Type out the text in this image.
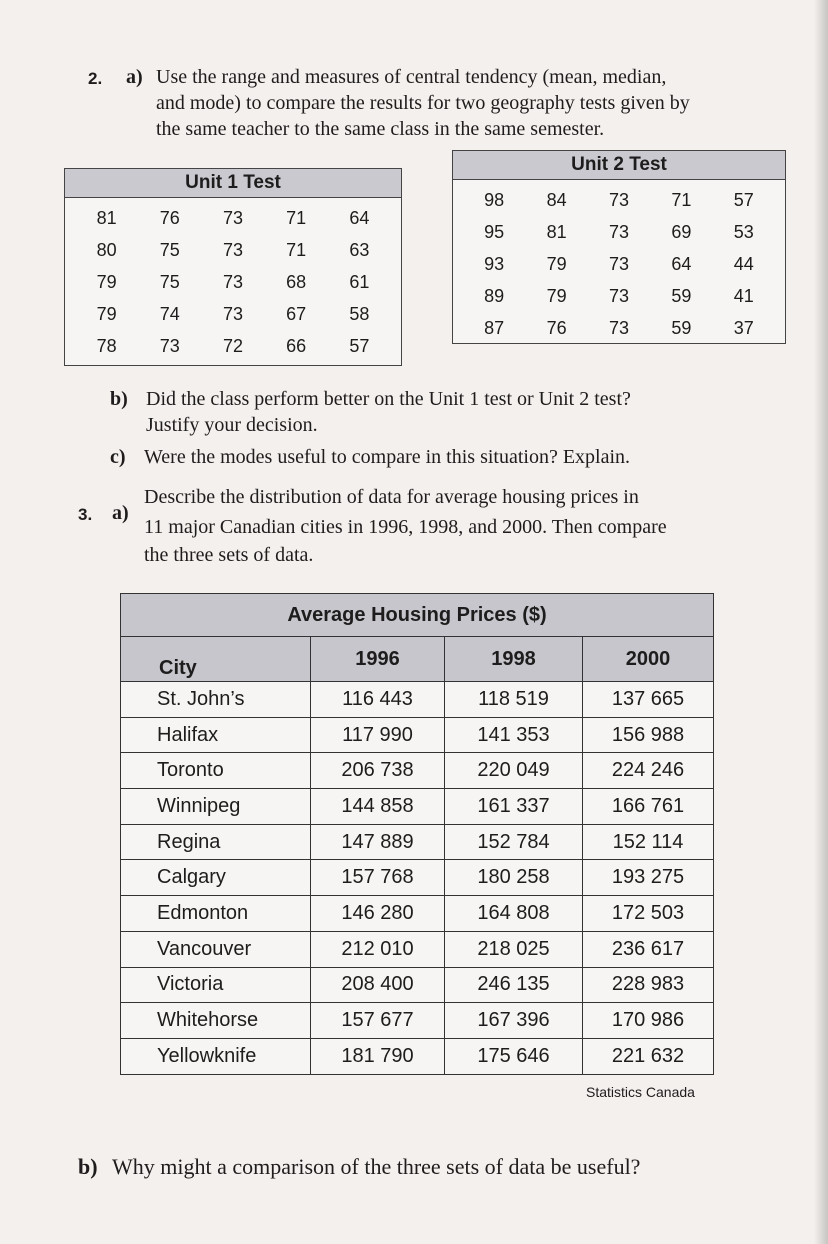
2. a) Use the range and measures of central tendency (mean, median,
and mode) to compare the results for two geography tests given by
the same teacher to the same class in the same semester.
Unit 1 Test
81	76	73	71	64
80	75	73	71	63
79	75	73	68	61
79	74	73	67	58
78	73	72	66	57
Unit 2 Test
98	84	73	71	57
95	81	73	69	53
93	79	73	64	44
89	79	73	59	41
87	76	73	59	37
b) Did the class perform better on the Unit 1 test or Unit 2 test?
Justify your decision.
c) Were the modes useful to compare in this situation? Explain.
3. a)
Describe the distribution of data for average housing prices in
11 major Canadian cities in 1996, 1998, and 2000. Then compare
the three sets of data.
Average Housing Prices ($)
City	1996	1998	2000
St. John’s	116 443	118 519	137 665
Halifax	117 990	141 353	156 988
Toronto	206 738	220 049	224 246
Winnipeg	144 858	161 337	166 761
Regina	147 889	152 784	152 114
Calgary	157 768	180 258	193 275
Edmonton	146 280	164 808	172 503
Vancouver	212 010	218 025	236 617
Victoria	208 400	246 135	228 983
Whitehorse	157 677	167 396	170 986
Yellowknife	181 790	175 646	221 632
Statistics Canada
b) Why might a comparison of the three sets of data be useful?
